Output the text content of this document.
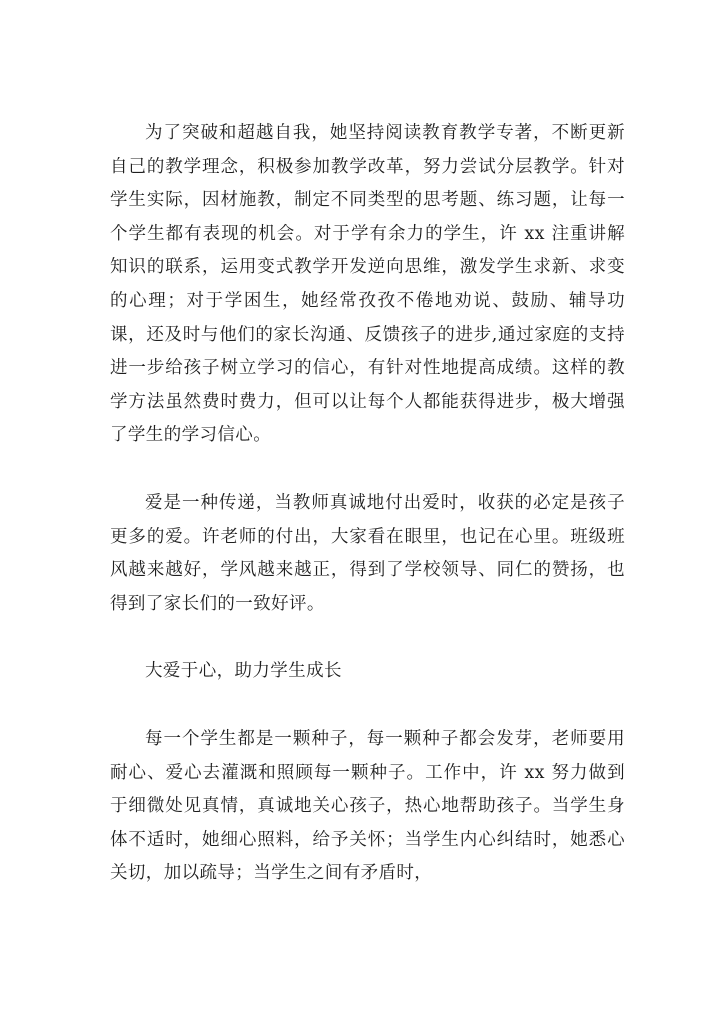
为了突破和超越自我，她坚持阅读教育教学专著，不断更新自己的教学理念，积极参加教学改革，努力尝试分层教学。针对学生实际，因材施教，制定不同类型的思考题、练习题，让每一个学生都有表现的机会。对于学有余力的学生，许 xx 注重讲解知识的联系，运用变式教学开发逆向思维，激发学生求新、求变的心理；对于学困生，她经常孜孜不倦地劝说、鼓励、辅导功课，还及时与他们的家长沟通、反馈孩子的进步,通过家庭的支持进一步给孩子树立学习的信心，有针对性地提高成绩。这样的教学方法虽然费时费力，但可以让每个人都能获得进步，极大增强了学生的学习信心。

爱是一种传递，当教师真诚地付出爱时，收获的必定是孩子更多的爱。许老师的付出，大家看在眼里，也记在心里。班级班风越来越好，学风越来越正，得到了学校领导、同仁的赞扬，也得到了家长们的一致好评。

大爱于心，助力学生成长

每一个学生都是一颗种子，每一颗种子都会发芽，老师要用耐心、爱心去灌溉和照顾每一颗种子。工作中，许 xx 努力做到于细微处见真情，真诚地关心孩子，热心地帮助孩子。当学生身体不适时，她细心照料，给予关怀；当学生内心纠结时，她悉心关切，加以疏导；当学生之间有矛盾时，
